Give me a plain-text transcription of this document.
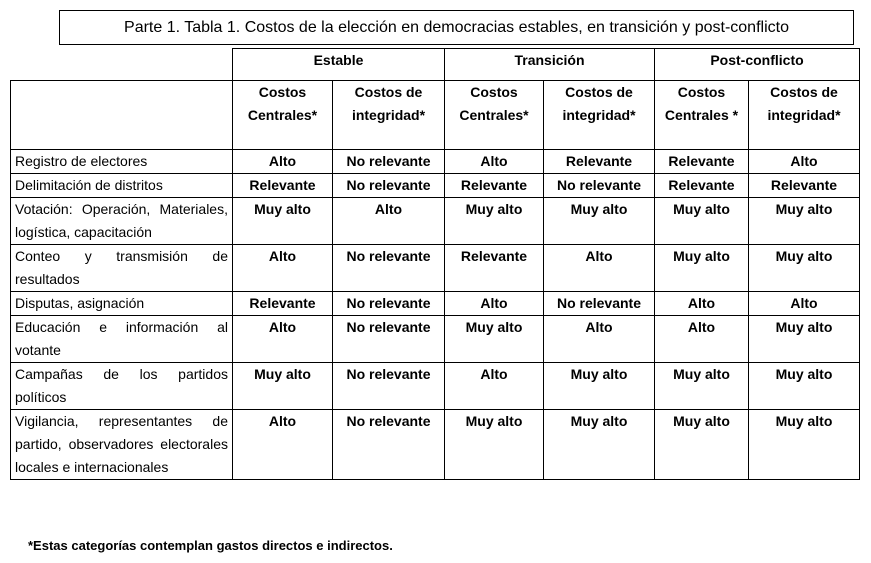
Parte 1. Tabla 1. Costos de la elección en democracias estables, en transición y post-conflicto
	Estable		Transición		Post-conflicto	
	Costos Centrales*	Costos de integridad*	Costos Centrales*	Costos de integridad*	Costos Centrales *	Costos de integridad*
Registro de electores	Alto	No relevante	Alto	Relevante	Relevante	Alto
Delimitación de distritos	Relevante	No relevante	Relevante	No relevante	Relevante	Relevante
Votación: Operación, Materiales, logística, capacitación	Muy alto	Alto	Muy alto	Muy alto	Muy alto	Muy alto
Conteo y transmisión de resultados	Alto	No relevante	Relevante	Alto	Muy alto	Muy alto
Disputas, asignación	Relevante	No relevante	Alto	No relevante	Alto	Alto
Educación e información al votante	Alto	No relevante	Muy alto	Alto	Alto	Muy alto
Campañas de los partidos políticos	Muy alto	No relevante	Alto	Muy alto	Muy alto	Muy alto
Vigilancia, representantes de partido, observadores electorales locales e internacionales	Alto	No relevante	Muy alto	Muy alto	Muy alto	Muy alto
*Estas categorías contemplan gastos directos e indirectos.
